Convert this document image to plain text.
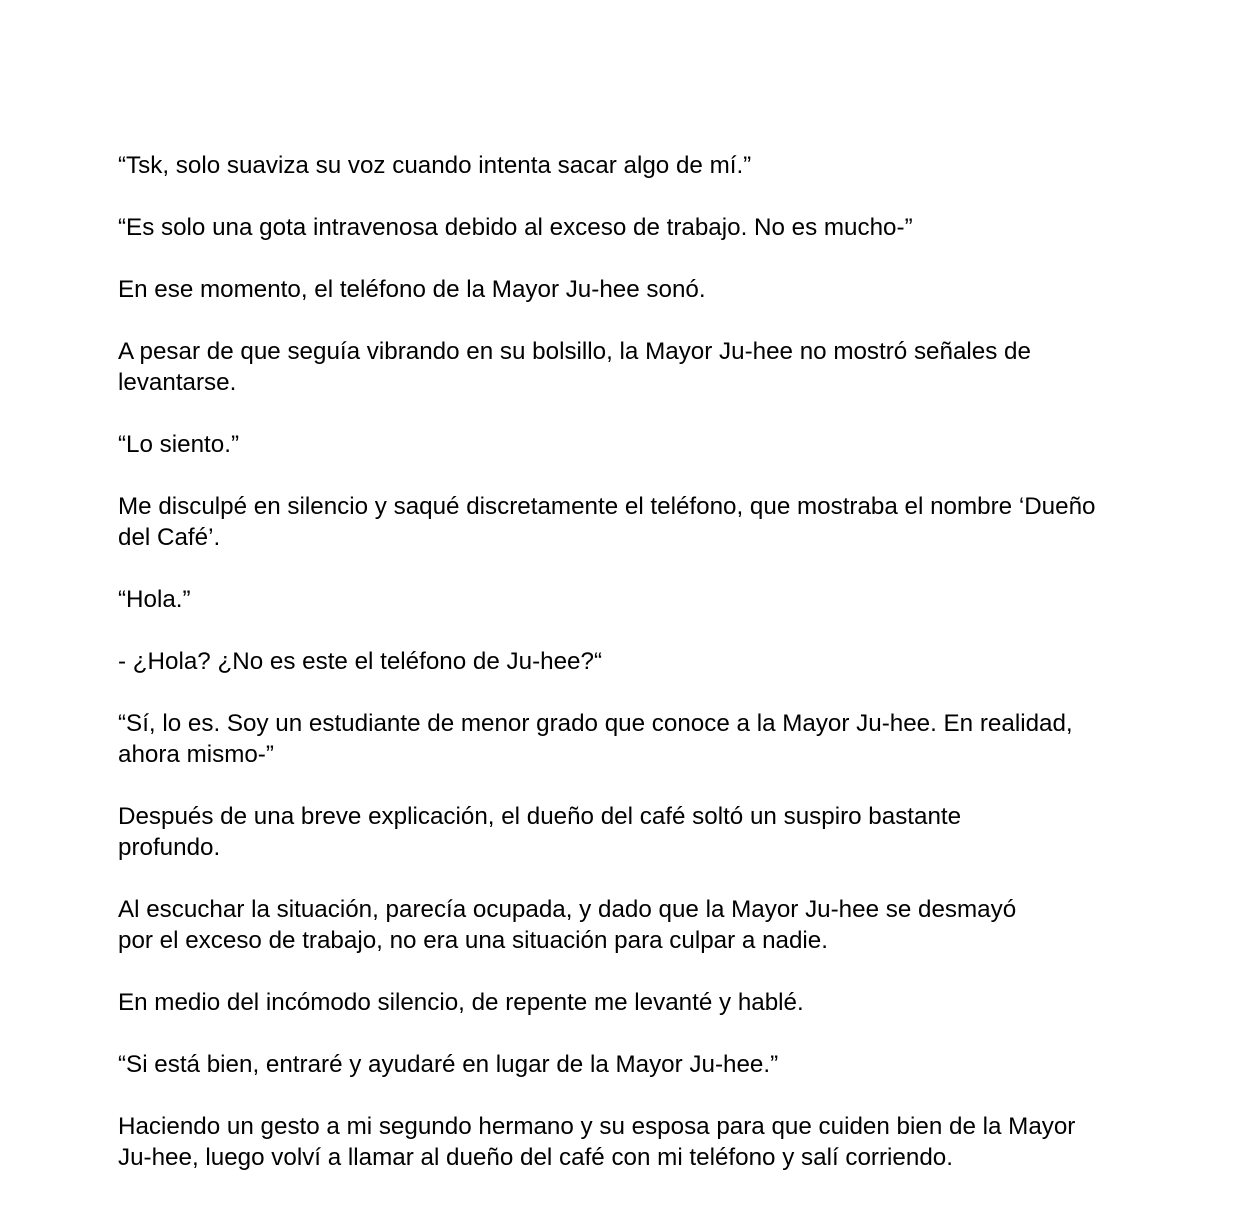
“Tsk, solo suaviza su voz cuando intenta sacar algo de mí.”

“Es solo una gota intravenosa debido al exceso de trabajo. No es mucho-”

En ese momento, el teléfono de la Mayor Ju-hee sonó.

A pesar de que seguía vibrando en su bolsillo, la Mayor Ju-hee no mostró señales de levantarse.

“Lo siento.”

Me disculpé en silencio y saqué discretamente el teléfono, que mostraba el nombre ‘Dueño del Café’.

“Hola.”

- ¿Hola? ¿No es este el teléfono de Ju-hee?“

“Sí, lo es. Soy un estudiante de menor grado que conoce a la Mayor Ju-hee. En realidad, ahora mismo-”

Después de una breve explicación, el dueño del café soltó un suspiro bastante profundo.

Al escuchar la situación, parecía ocupada, y dado que la Mayor Ju-hee se desmayó por el exceso de trabajo, no era una situación para culpar a nadie.

En medio del incómodo silencio, de repente me levanté y hablé.

“Si está bien, entraré y ayudaré en lugar de la Mayor Ju-hee.”

Haciendo un gesto a mi segundo hermano y su esposa para que cuiden bien de la Mayor Ju-hee, luego volví a llamar al dueño del café con mi teléfono y salí corriendo.
